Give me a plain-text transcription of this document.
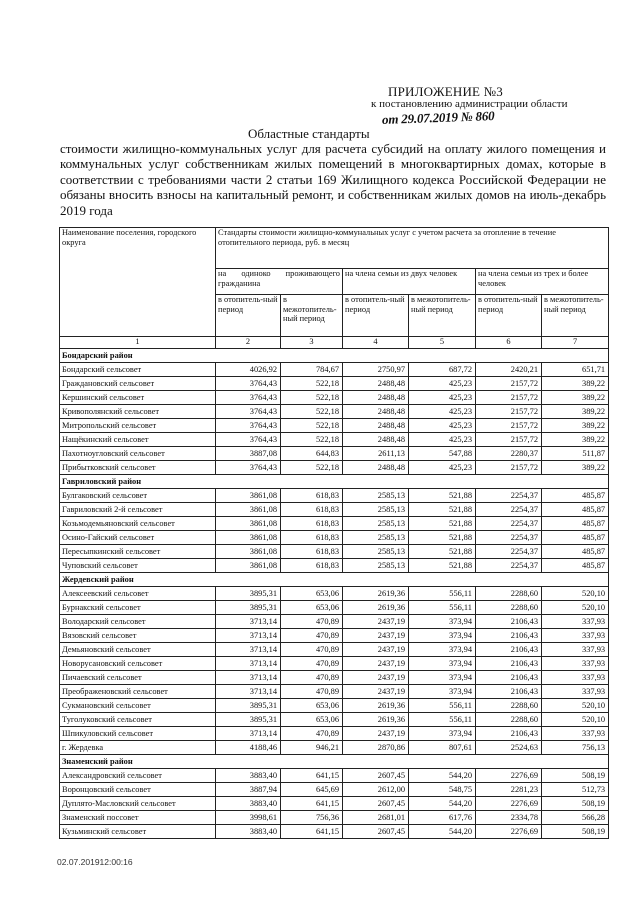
ПРИЛОЖЕНИЕ №3
к постановлению администрации области
от 29.07.2019 № 860
Областные стандарты
стоимости жилищно-коммунальных услуг для расчета субсидий на оплату жилого помещения и коммунальных услуг собственникам жилых помещений в многоквартирных домах, которые в соответствии с требованиями части 2 статьи 169 Жилищного кодекса Российской Федерации не обязаны вносить взносы на капитальный ремонт, и собственникам жилых домов на июль-декабрь 2019 года
Наименование поселения, городского округа	Стандарты стоимости жилищно-коммунальных услуг с учетом расчета за отопление в течение отопительного периода, руб. в месяц					
	на одиноко проживающего гражданина		на члена семьи из двух человек		на члена семьи из трех и более человек	
	в отопитель-ный период	в межотопитель-ный период	в отопитель-ный период	в межотопитель-ный период	в отопитель-ный период	в межотопитель-ный период
1	2	3	4	5	6	7
Бондарский район						
Бондарский сельсовет	4026,92	784,67	2750,97	687,72	2420,21	651,71
Граждановский сельсовет	3764,43	522,18	2488,48	425,23	2157,72	389,22
Кершинский сельсовет	3764,43	522,18	2488,48	425,23	2157,72	389,22
Кривополянский сельсовет	3764,43	522,18	2488,48	425,23	2157,72	389,22
Митропольский сельсовет	3764,43	522,18	2488,48	425,23	2157,72	389,22
Нащёкинский сельсовет	3764,43	522,18	2488,48	425,23	2157,72	389,22
Пахотноугловский сельсовет	3887,08	644,83	2611,13	547,88	2280,37	511,87
Прибытковский сельсовет	3764,43	522,18	2488,48	425,23	2157,72	389,22
Гавриловский район						
Булгаковский сельсовет	3861,08	618,83	2585,13	521,88	2254,37	485,87
Гавриловский 2-й сельсовет	3861,08	618,83	2585,13	521,88	2254,37	485,87
Козьмодемьяновский сельсовет	3861,08	618,83	2585,13	521,88	2254,37	485,87
Осино-Гайский сельсовет	3861,08	618,83	2585,13	521,88	2254,37	485,87
Пересыпкинский сельсовет	3861,08	618,83	2585,13	521,88	2254,37	485,87
Чуповский сельсовет	3861,08	618,83	2585,13	521,88	2254,37	485,87
Жердевский район						
Алексеевский сельсовет	3895,31	653,06	2619,36	556,11	2288,60	520,10
Бурнакский сельсовет	3895,31	653,06	2619,36	556,11	2288,60	520,10
Володарский сельсовет	3713,14	470,89	2437,19	373,94	2106,43	337,93
Вязовский сельсовет	3713,14	470,89	2437,19	373,94	2106,43	337,93
Демьяновский сельсовет	3713,14	470,89	2437,19	373,94	2106,43	337,93
Новорусановский сельсовет	3713,14	470,89	2437,19	373,94	2106,43	337,93
Пичаевский сельсовет	3713,14	470,89	2437,19	373,94	2106,43	337,93
Преображеновский сельсовет	3713,14	470,89	2437,19	373,94	2106,43	337,93
Сукмановский сельсовет	3895,31	653,06	2619,36	556,11	2288,60	520,10
Туголуковский сельсовет	3895,31	653,06	2619,36	556,11	2288,60	520,10
Шпикуловский сельсовет	3713,14	470,89	2437,19	373,94	2106,43	337,93
г. Жердевка	4188,46	946,21	2870,86	807,61	2524,63	756,13
Знаменский район						
Александровский сельсовет	3883,40	641,15	2607,45	544,20	2276,69	508,19
Воронцовский сельсовет	3887,94	645,69	2612,00	548,75	2281,23	512,73
Дуплято-Масловский сельсовет	3883,40	641,15	2607,45	544,20	2276,69	508,19
Знаменский поссовет	3998,61	756,36	2681,01	617,76	2334,78	566,28
Кузьминский сельсовет	3883,40	641,15	2607,45	544,20	2276,69	508,19
02.07.201912:00:16
